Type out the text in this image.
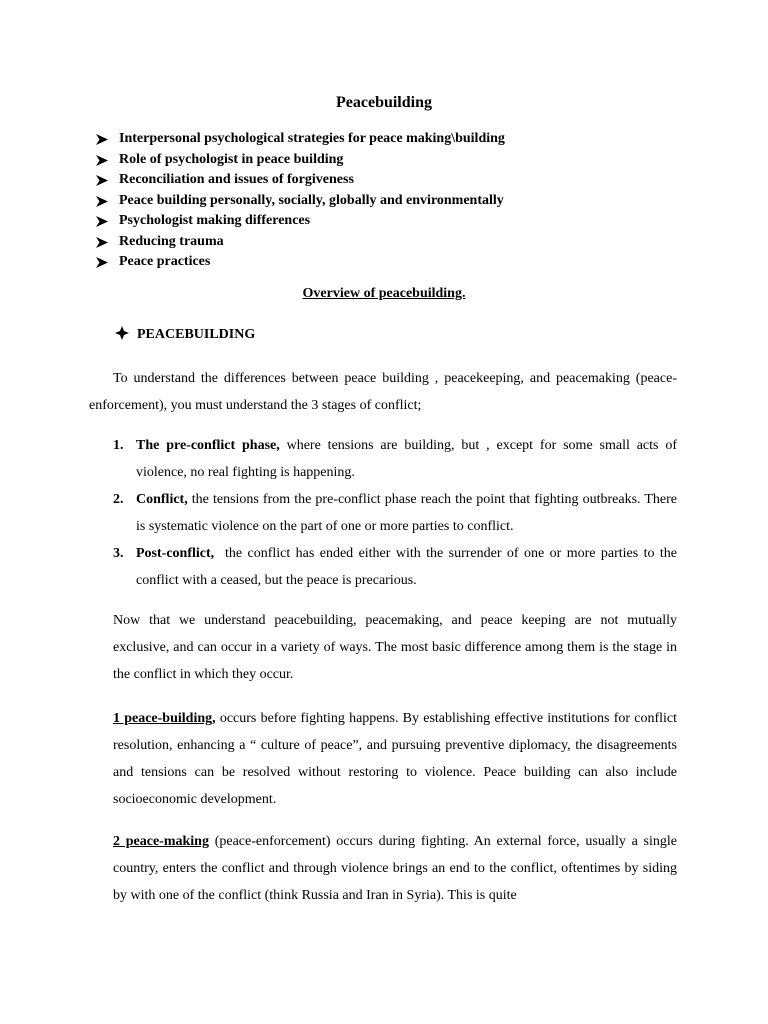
Peacebuilding
Interpersonal psychological strategies for peace making\building
Role of psychologist in peace building
Reconciliation and issues of forgiveness
Peace building personally, socially, globally and environmentally
Psychologist making differences
Reducing trauma
Peace practices
Overview of peacebuilding.
PEACEBUILDING
To understand the differences between peace building , peacekeeping, and peacemaking (peace-enforcement), you must understand the 3 stages of conflict;
1. The pre-conflict phase, where tensions are building, but , except for some small acts of violence, no real fighting is happening.
2. Conflict, the tensions from the pre-conflict phase reach the point that fighting outbreaks. There is systematic violence on the part of one or more parties to conflict.
3. Post-conflict,  the conflict has ended either with the surrender of one or more parties to the conflict with a ceased, but the peace is precarious.
Now that we understand peacebuilding, peacemaking, and peace keeping are not mutually exclusive, and can occur in a variety of ways. The most basic difference among them is the stage in the conflict in which they occur.
1 peace-building, occurs before fighting happens. By establishing effective institutions for conflict resolution, enhancing a “ culture of peace”, and pursuing preventive diplomacy, the disagreements and tensions can be resolved without restoring to violence. Peace building can also include socioeconomic development.
2 peace-making (peace-enforcement) occurs during fighting. An external force, usually a single country, enters the conflict and through violence brings an end to the conflict, oftentimes by siding by with one of the conflict (think Russia and Iran in Syria). This is quite
